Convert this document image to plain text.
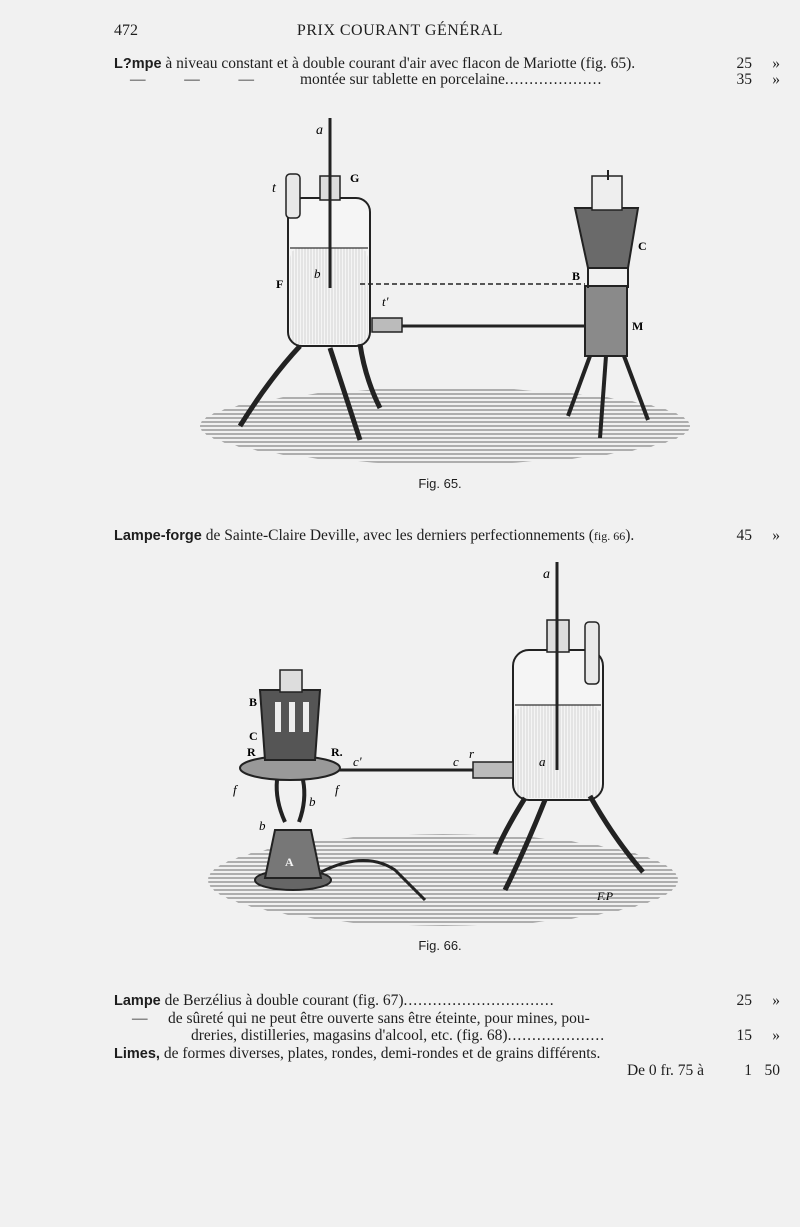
472	PRIX COURANT GÉNÉRAL
L?mpe à niveau constant et à double courant d'air avec flacon de Mariotte (fig. 65).	25 »
—          —          —	montée sur tablette en porcelaine....................	35 »
a
G
t
b
F
t'
B
C
M
Fig. 65.
Lampe-forge de Sainte-Claire Deville, avec les derniers perfectionnements (fig. 66).	45 »
a
a
B
C
R	R.
c'	c
r
f	f
b
b
A
F.P
Fig. 66.
Lampe de Berzélius à double courant (fig. 67)...............................	25 »
— de sûreté qui ne peut être ouverte sans être éteinte, pour mines, pou-
dreries, distilleries, magasins d'alcool, etc. (fig. 68)....................	15 »
Limes, de formes diverses, plates, rondes, demi-rondes et de grains différents.
De 0 fr. 75 à	1 50
